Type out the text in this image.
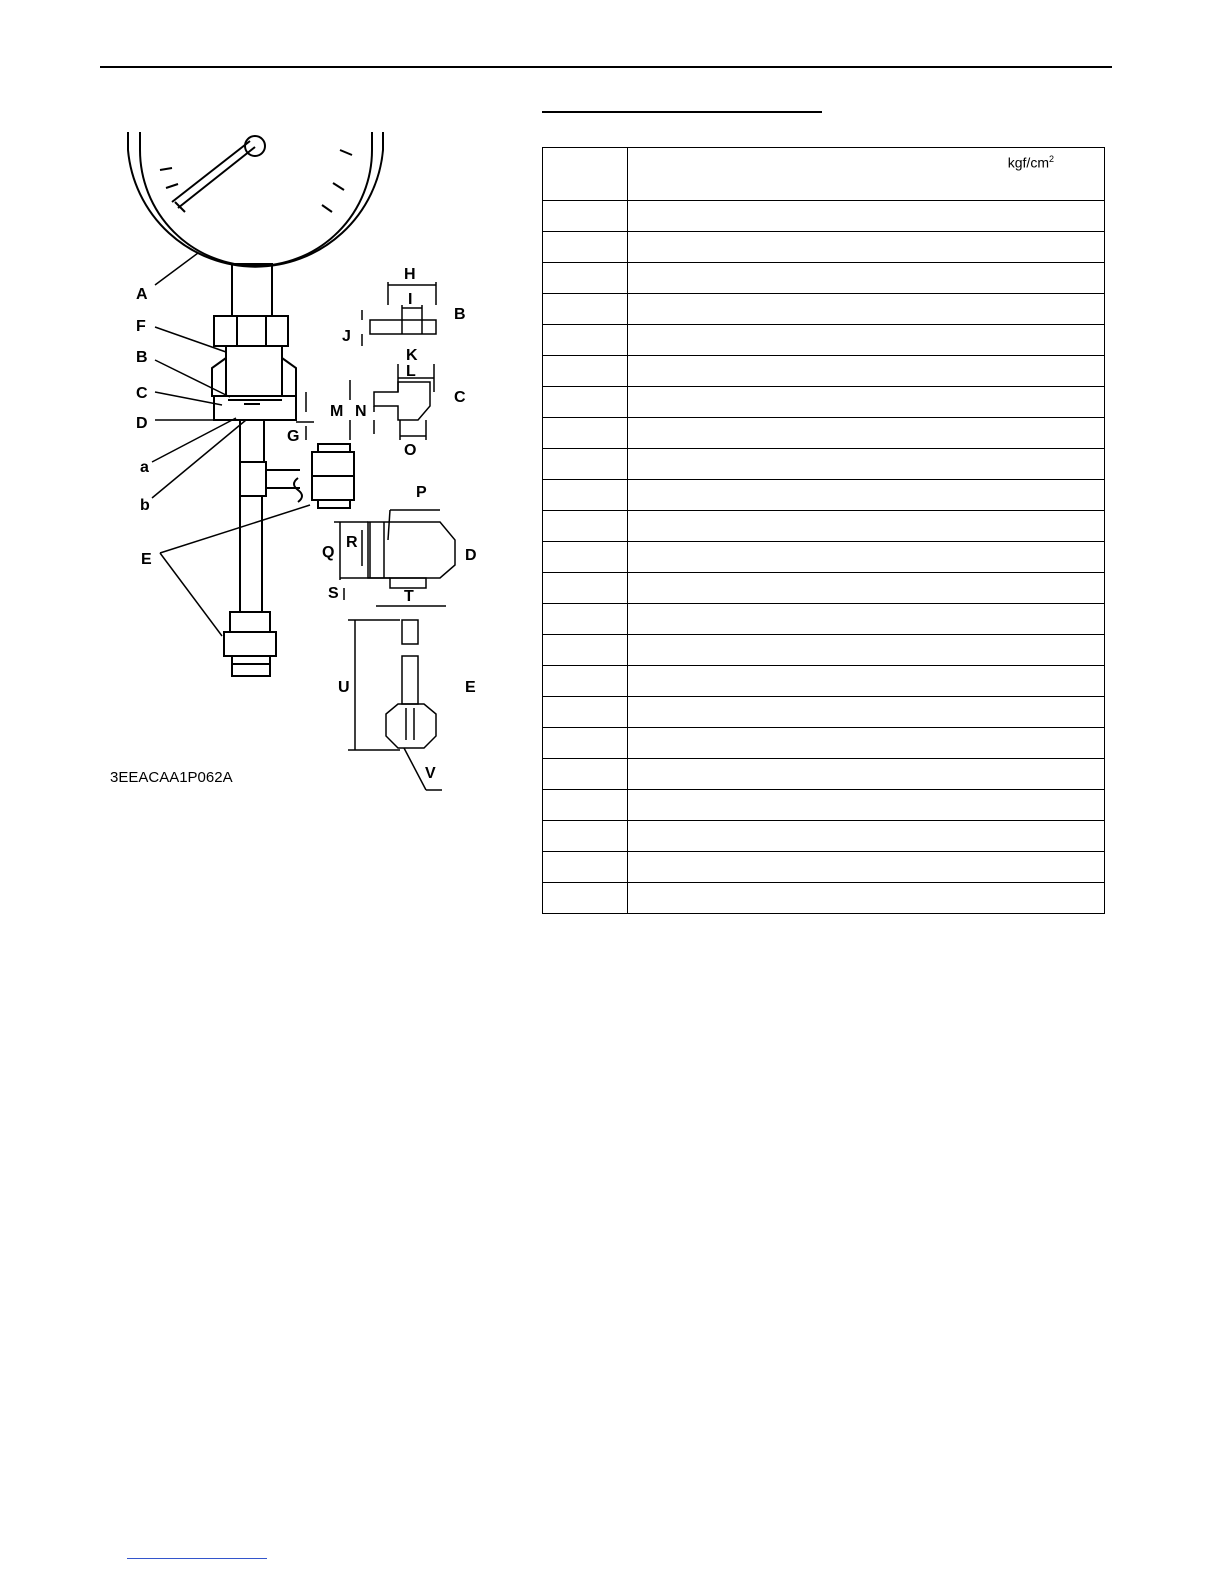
A
F
B
C
D
a
b
E
G
H
I
J
K
L
M N
O
P
Q
R
S	T
U
V
B
C
D
E
3EEACAA1P062A

	kgf/$cm^2$
